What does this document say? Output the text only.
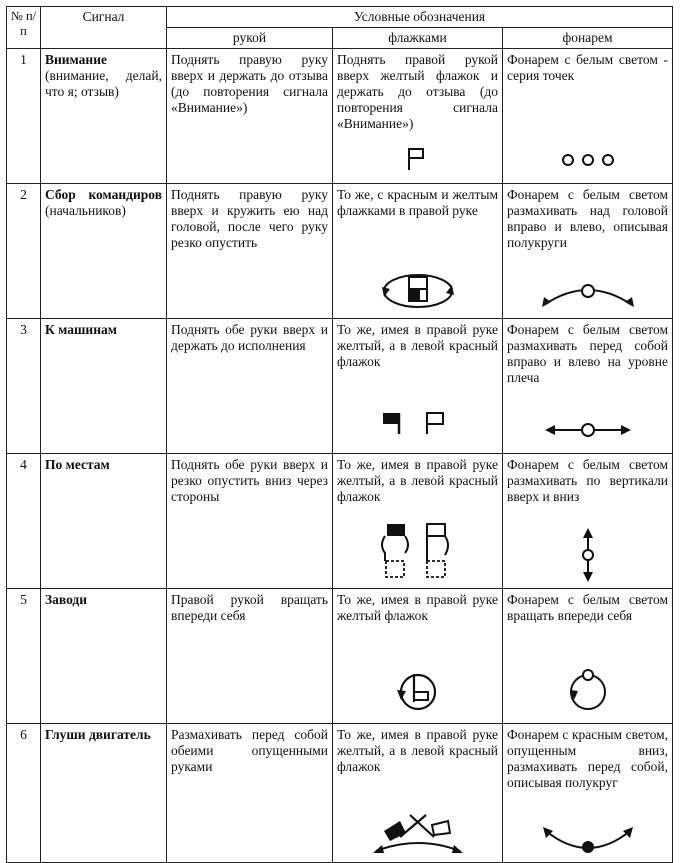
№ п/п	Сигнал	Условные обозначения		
		рукой	флажками	фонарем
1	Внимание (внимание, делай, что я; отзыв)	Поднять правую руку вверх и держать до отзыва (до повторения сигнала «Внимание»)	Поднять правой рукой вверх желтый флажок и держать до отзыва (до повторения сигнала «Внимание»)	Фонарем с белым светом - серия точек

2	Сбор командиров (начальников)	Поднять правую руку вверх и кружить ею над головой, после чего руку резко опустить	То же, с красным и желтым флажками в правой руке	Фонарем с белым светом размахивать над головой вправо и влево, описывая полукруги

3	К машинам	Поднять обе руки вверх и держать до исполнения	То же, имея в правой руке желтый, а в левой красный флажок	Фонарем с белым светом размахивать перед собой вправо и влево на уровне плеча

4	По местам	Поднять обе руки вверх и резко опустить вниз через стороны	То же, имея в правой руке желтый, а в левой красный флажок	Фонарем с белым светом размахивать по вертикали вверх и вниз

5	Заводи	Правой рукой вращать впереди себя	То же, имея в правой руке желтый флажок	Фонарем с белым светом вращать впереди себя

6	Глуши двигатель	Размахивать перед собой обеими опущенными руками	То же, имея в правой руке желтый, а в левой красный флажок	Фонарем с красным светом, опущенным вниз, размахивать перед собой, описывая полукруг
